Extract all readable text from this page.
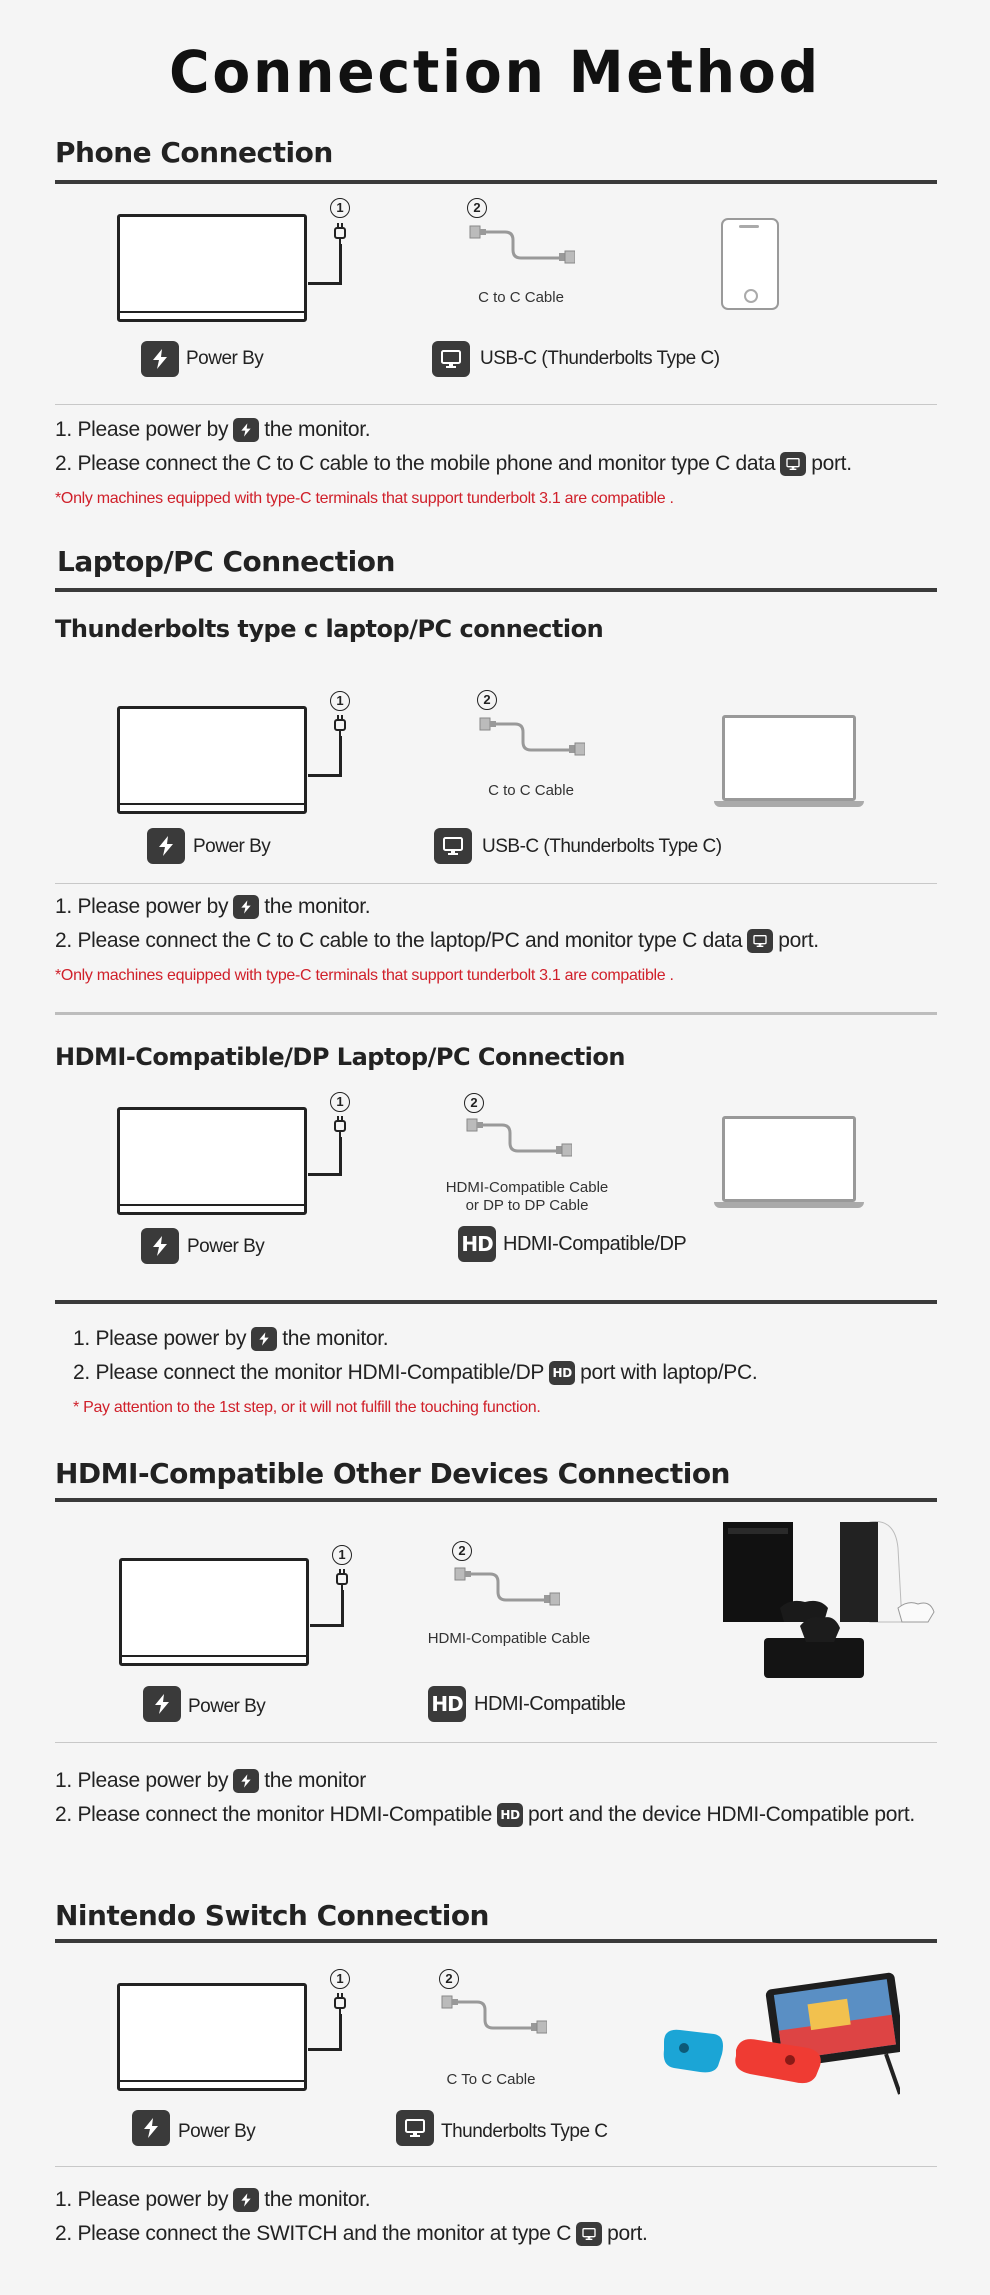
Connection Method
Phone Connection
1	2
C to C Cable
Power By	USB-C (Thunderbolts Type C)
1. Please power by the monitor.
2. Please connect the C to C cable to the mobile phone and monitor type C data port.
*Only machines equipped with type-C terminals that support tunderbolt 3.1 are compatible .
Laptop/PC Connection
Thunderbolts type c laptop/PC connection
1	2
C to C Cable
Power By	USB-C (Thunderbolts Type C)
1. Please power by the monitor.
2. Please connect the C to C cable to the laptop/PC and monitor type C data port.
*Only machines equipped with type-C terminals that support tunderbolt 3.1 are compatible .
HDMI-Compatible/DP Laptop/PC Connection
1	2
HDMI-Compatible Cable
or DP to DP Cable
Power By	HD HDMI-Compatible/DP
1. Please power by the monitor.
2. Please connect the monitor HDMI-Compatible/DP HD port with laptop/PC.
* Pay attention to the 1st step, or it will not fulfill the touching function.
HDMI-Compatible Other Devices Connection
1	2
HDMI-Compatible Cable
Power By	HD HDMI-Compatible
1. Please power by the monitor
2. Please connect the monitor HDMI-Compatible HD port and the device HDMI-Compatible port.
Nintendo Switch Connection
1	2
C To C Cable
Power By	Thunderbolts Type C
1. Please power by the monitor.
2. Please connect the SWITCH and the monitor at type C port.
